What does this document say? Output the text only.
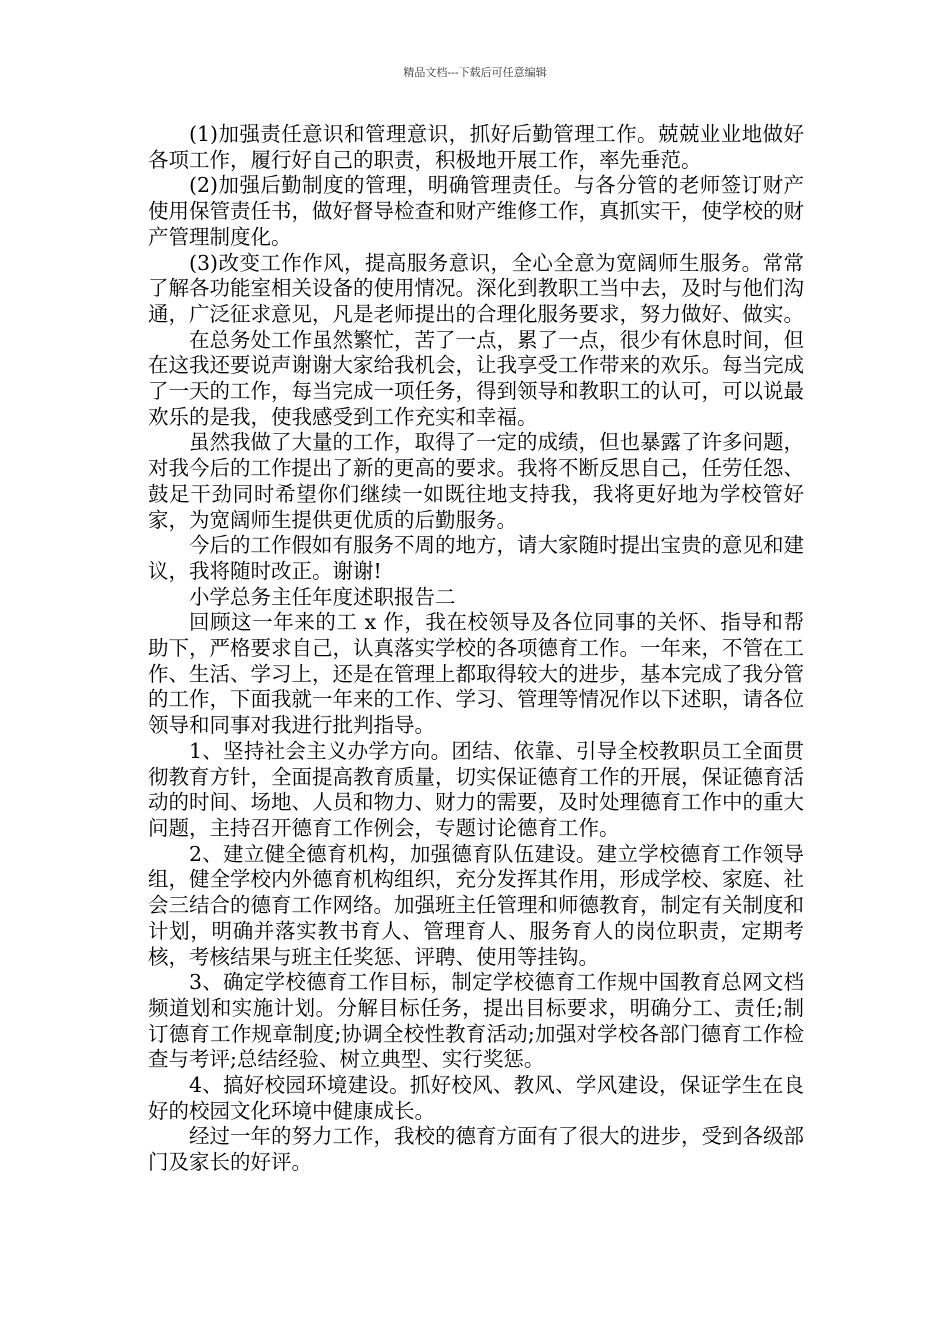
精品文档---下载后可任意编辑

(1)加强责任意识和管理意识，抓好后勤管理工作。兢兢业业地做好各项工作，履行好自己的职责，积极地开展工作，率先垂范。

(2)加强后勤制度的管理，明确管理责任。与各分管的老师签订财产使用保管责任书，做好督导检查和财产维修工作，真抓实干，使学校的财产管理制度化。

(3)改变工作作风，提高服务意识，全心全意为宽阔师生服务。常常了解各功能室相关设备的使用情况。深化到教职工当中去，及时与他们沟通，广泛征求意见，凡是老师提出的合理化服务要求，努力做好、做实。

在总务处工作虽然繁忙，苦了一点，累了一点，很少有休息时间，但在这我还要说声谢谢大家给我机会，让我享受工作带来的欢乐。每当完成了一天的工作，每当完成一项任务，得到领导和教职工的认可，可以说最欢乐的是我，使我感受到工作充实和幸福。

虽然我做了大量的工作，取得了一定的成绩，但也暴露了许多问题，对我今后的工作提出了新的更高的要求。我将不断反思自己，任劳任怨、鼓足干劲同时希望你们继续一如既往地支持我，我将更好地为学校管好家，为宽阔师生提供更优质的后勤服务。

今后的工作假如有服务不周的地方，请大家随时提出宝贵的意见和建议，我将随时改正。谢谢!

小学总务主任年度述职报告二

回顾这一年来的工 x 作，我在校领导及各位同事的关怀、指导和帮助下，严格要求自己，认真落实学校的各项德育工作。一年来，不管在工作、生活、学习上，还是在管理上都取得较大的进步，基本完成了我分管的工作，下面我就一年来的工作、学习、管理等情况作以下述职，请各位领导和同事对我进行批判指导。

1、坚持社会主义办学方向。团结、依靠、引导全校教职员工全面贯彻教育方针，全面提高教育质量，切实保证德育工作的开展，保证德育活动的时间、场地、人员和物力、财力的需要，及时处理德育工作中的重大问题，主持召开德育工作例会，专题讨论德育工作。

2、建立健全德育机构，加强德育队伍建设。建立学校德育工作领导组，健全学校内外德育机构组织，充分发挥其作用，形成学校、家庭、社会三结合的德育工作网络。加强班主任管理和师德教育，制定有关制度和计划，明确并落实教书育人、管理育人、服务育人的岗位职责，定期考核，考核结果与班主任奖惩、评聘、使用等挂钩。

3、确定学校德育工作目标，制定学校德育工作规中国教育总网文档频道划和实施计划。分解目标任务，提出目标要求，明确分工、责任;制订德育工作规章制度;协调全校性教育活动;加强对学校各部门德育工作检查与考评;总结经验、树立典型、实行奖惩。

4、搞好校园环境建设。抓好校风、教风、学风建设，保证学生在良好的校园文化环境中健康成长。

经过一年的努力工作，我校的德育方面有了很大的进步，受到各级部门及家长的好评。
